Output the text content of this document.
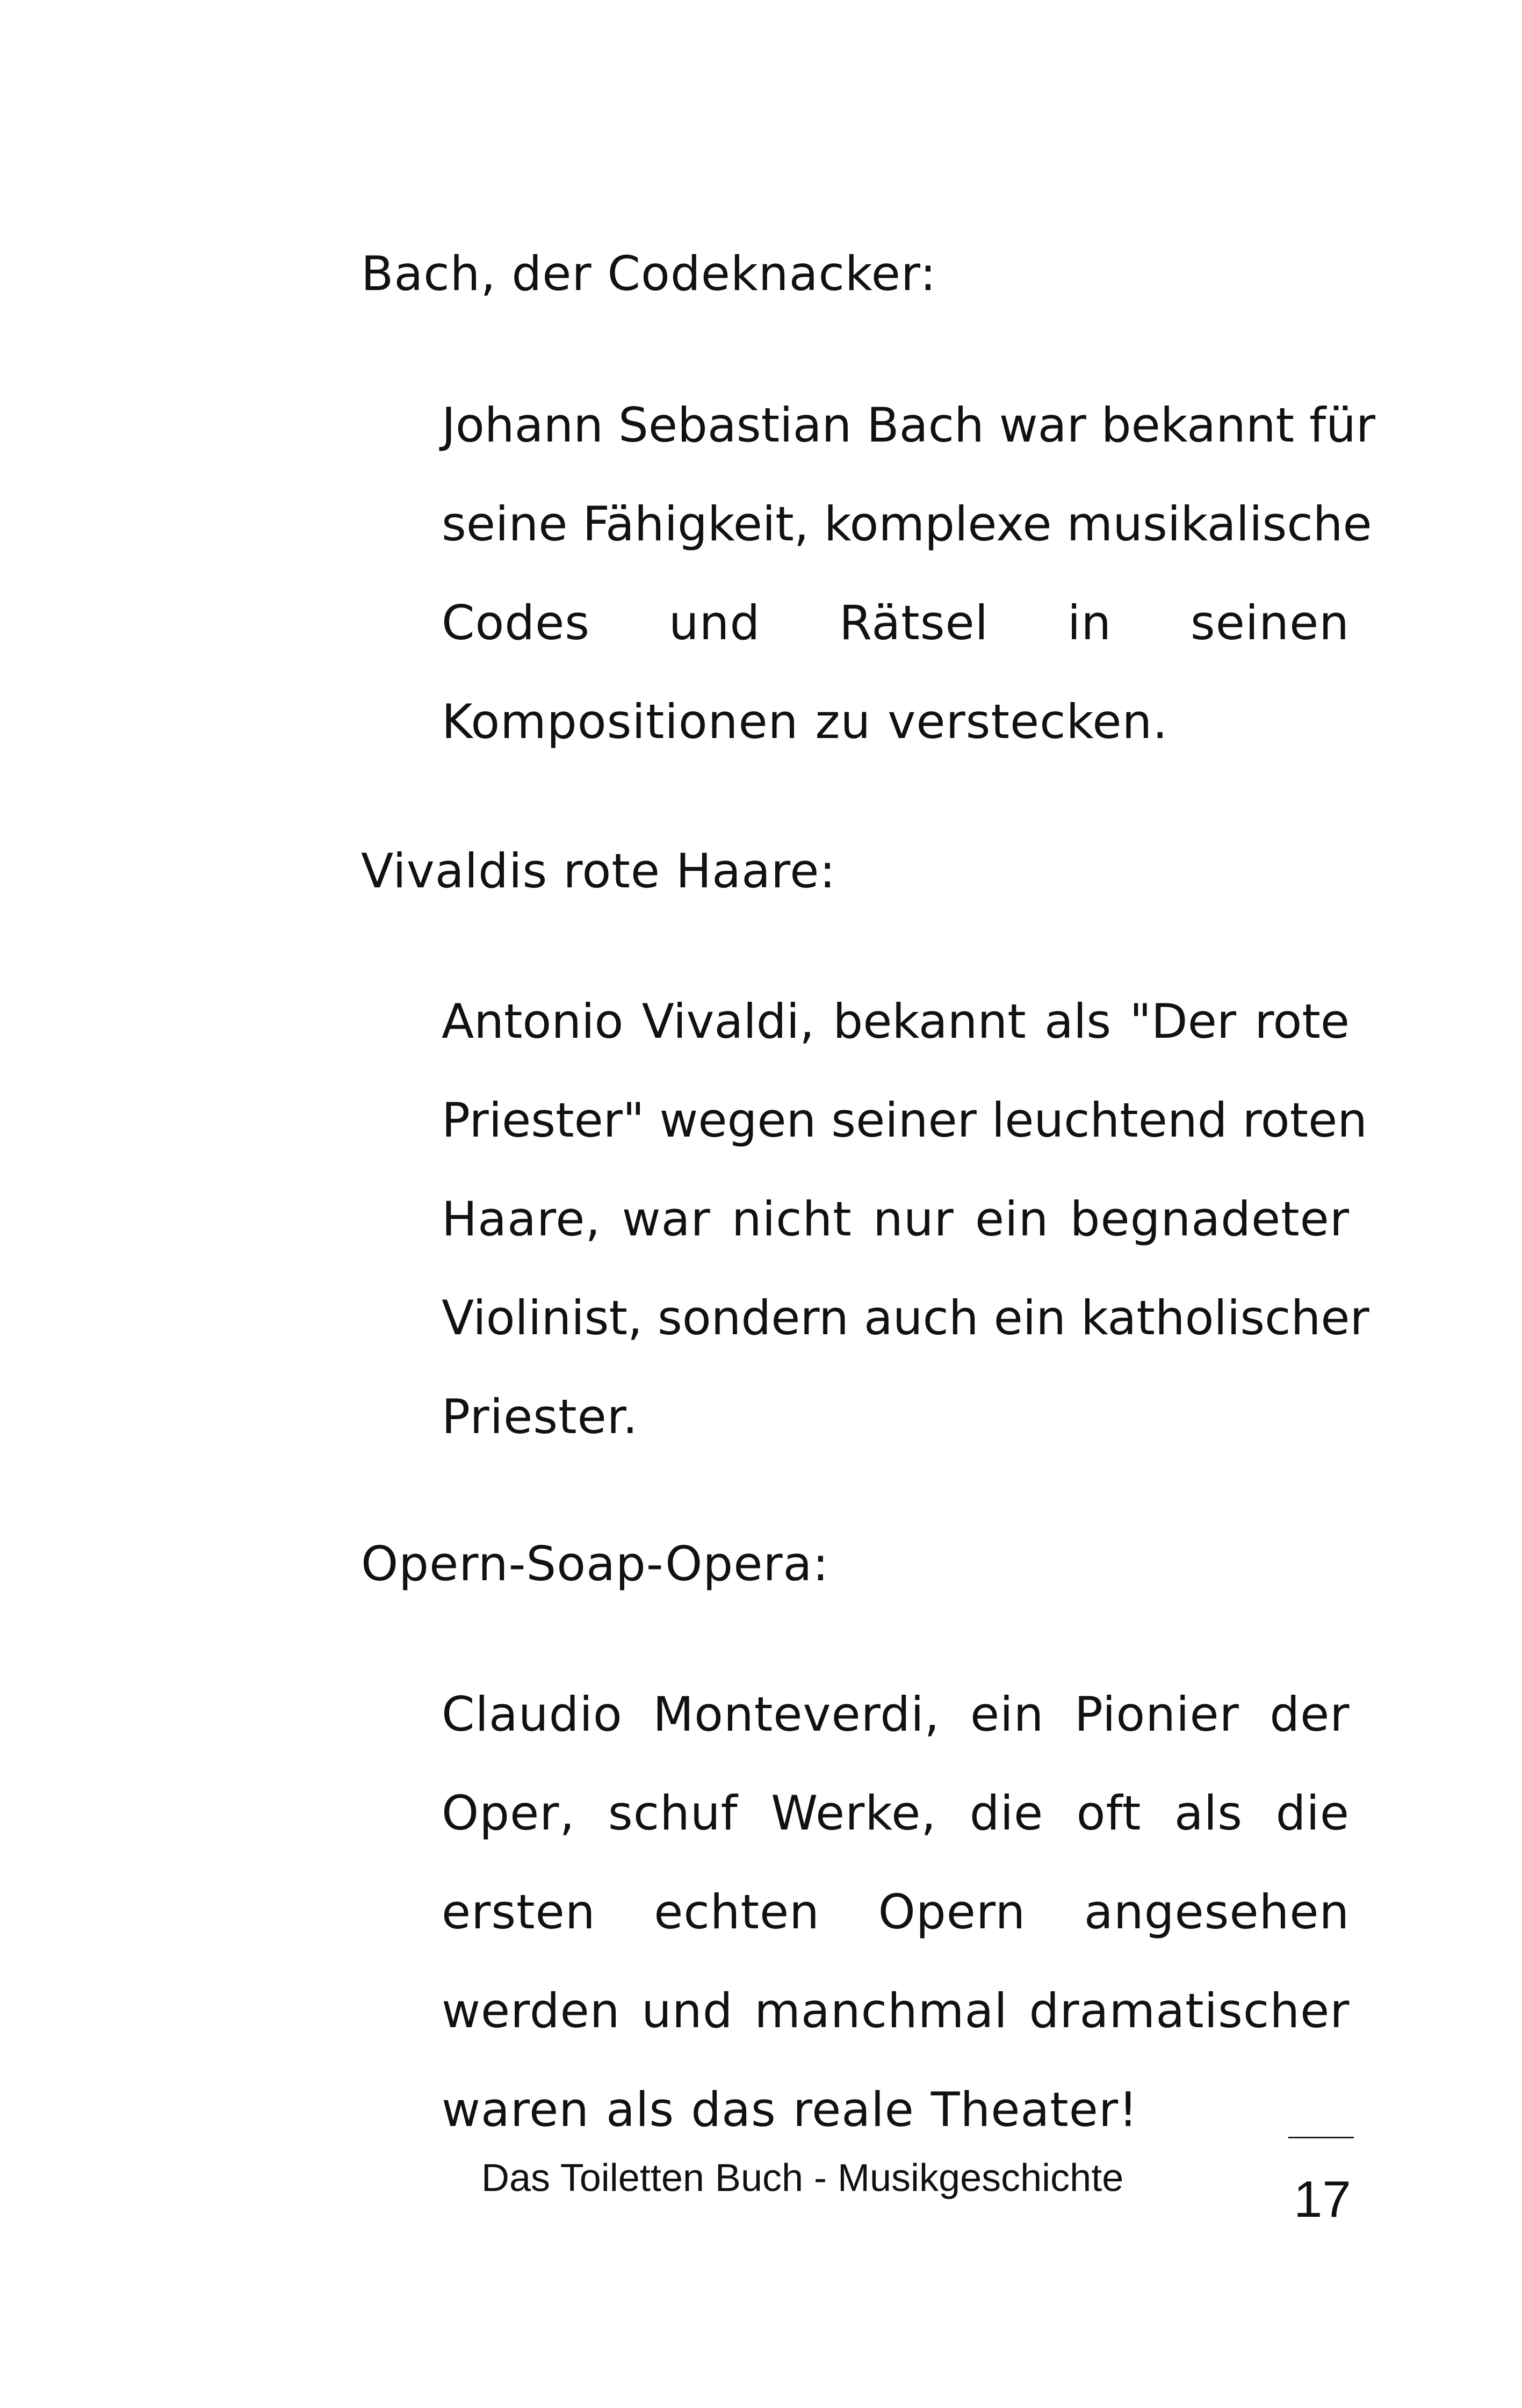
Bach, der Codeknacker:
Johann Sebastian Bach war bekannt für
seine Fähigkeit, komplexe musikalische
Codes und Rätsel in seinen
Kompositionen zu verstecken.
Vivaldis rote Haare:
Antonio Vivaldi, bekannt als "Der rote
Priester" wegen seiner leuchtend roten
Haare, war nicht nur ein begnadeter
Violinist, sondern auch ein katholischer
Priester.
Opern-Soap-Opera:
Claudio Monteverdi, ein Pionier der
Oper, schuf Werke, die oft als die
ersten echten Opern angesehen
werden und manchmal dramatischer
waren als das reale Theater!

Das Toiletten Buch - Musikgeschichte	17
